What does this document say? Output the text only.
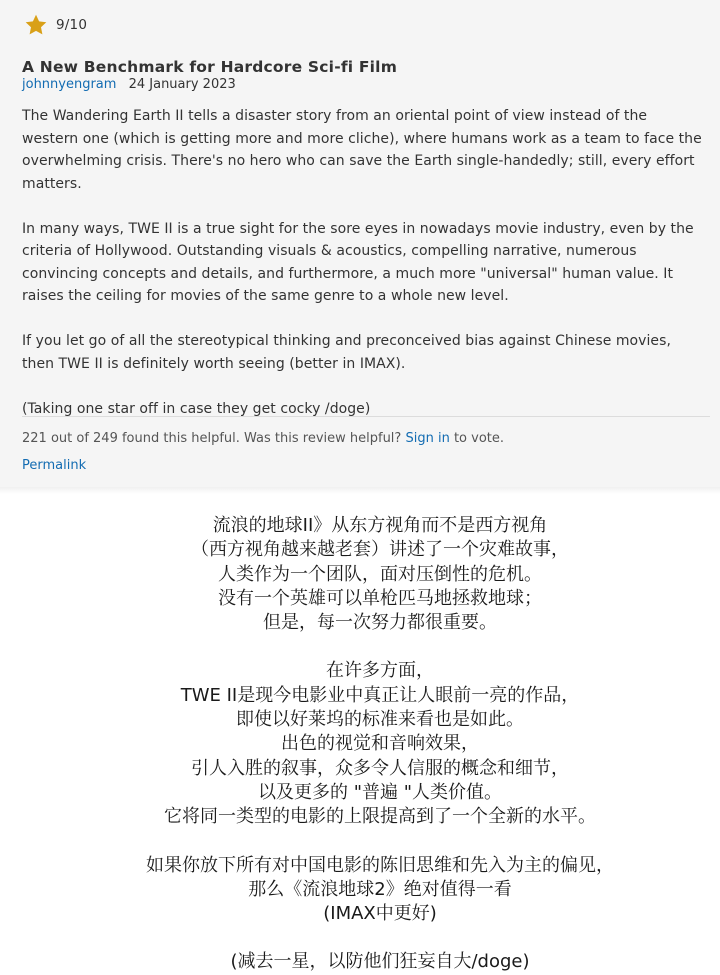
9/10
A New Benchmark for Hardcore Sci-fi Film
johnnyengram 24 January 2023

The Wandering Earth II tells a disaster story from an oriental point of view instead of the western one (which is getting more and more cliche), where humans work as a team to face the overwhelming crisis. There's no hero who can save the Earth single-handedly; still, every effort matters.

In many ways, TWE II is a true sight for the sore eyes in nowadays movie industry, even by the criteria of Hollywood. Outstanding visuals & acoustics, compelling narrative, numerous convincing concepts and details, and furthermore, a much more "universal" human value. It raises the ceiling for movies of the same genre to a whole new level.

If you let go of all the stereotypical thinking and preconceived bias against Chinese movies, then TWE II is definitely worth seeing (better in IMAX).

(Taking one star off in case they get cocky /doge)

221 out of 249 found this helpful. Was this review helpful? Sign in to vote.
Permalink
流浪的地球II》从东方视角而不是西方视角
（西方视角越来越老套）讲述了一个灾难故事，
人类作为一个团队，面对压倒性的危机。
没有一个英雄可以单枪匹马地拯救地球；
但是，每一次努力都很重要。
在许多方面，
TWE II是现今电影业中真正让人眼前一亮的作品，
即使以好莱坞的标准来看也是如此。
出色的视觉和音响效果，
引人入胜的叙事，众多令人信服的概念和细节，
以及更多的 "普遍 "人类价值。
它将同一类型的电影的上限提高到了一个全新的水平。
如果你放下所有对中国电影的陈旧思维和先入为主的偏见，
那么《流浪地球2》绝对值得一看
(IMAX中更好)
(减去一星，以防他们狂妄自大/doge)
